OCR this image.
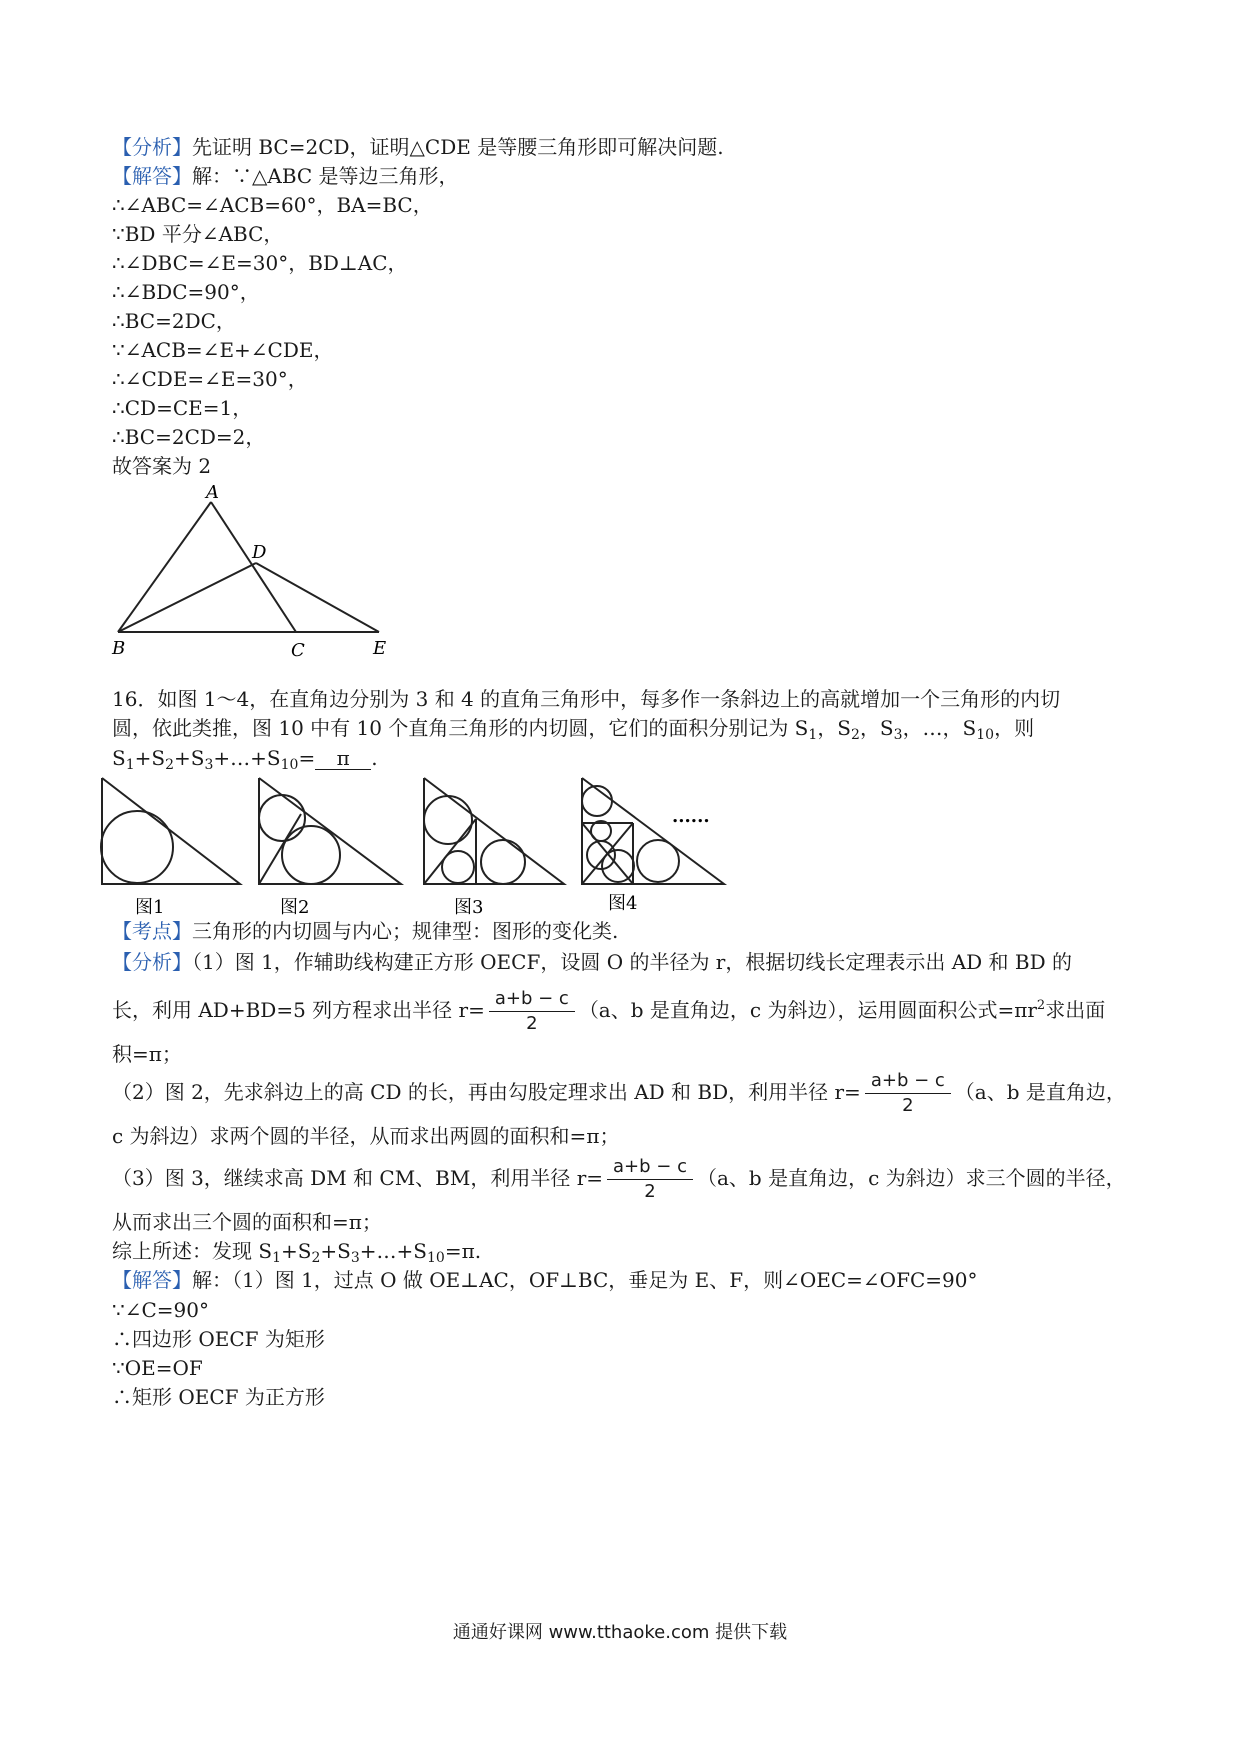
【分析】先证明 BC=2CD，证明△CDE 是等腰三角形即可解决问题.
【解答】解：∵△ABC 是等边三角形，
∴∠ABC=∠ACB=60°，BA=BC，
∵BD 平分∠ABC，
∴∠DBC=∠E=30°，BD⊥AC，
∴∠BDC=90°，
∴BC=2DC，
∵∠ACB=∠E+∠CDE，
∴∠CDE=∠E=30°，
∴CD=CE=1，
∴BC=2CD=2，
故答案为 2
A
D
B	C	E
16．如图 1～4，在直角边分别为 3 和 4 的直角三角形中，每多作一条斜边上的高就增加一个三角形的内切
圆，依此类推，图 10 中有 10 个直角三角形的内切圆，它们的面积分别记为 $S_1$，$S_2$，$S_3$，…，$S_{10}$，则
$S_1+S_2+S_3+\dots+S_{10}= \pi$ .
......
图1	图2	图3	图4
【考点】三角形的内切圆与内心；规律型：图形的变化类.
【分析】（1）图 1，作辅助线构建正方形 OECF，设圆 O 的半径为 r，根据切线长定理表示出 AD 和 BD 的
长，利用 AD+BD=5 列方程求出半径 $r= \frac{a+b - c}{2} (a$、b 是直角边，c 为斜边），运用圆面积公式$=\pi r^2$求出面
积=π；
（2）图 2，先求斜边上的高 CD 的长，再由勾股定理求出 AD 和 BD，利用半径 $r= \frac{a+b - c}{2} (a$、b 是直角边，
c 为斜边）求两个圆的半径，从而求出两圆的面积和=π；
（3）图 3，继续求高 DM 和 CM、BM，利用半径 $r= \frac{a+b - c}{2} (a$、b 是直角边，c 为斜边）求三个圆的半径，
从而求出三个圆的面积和=π；
综上所述：发现 $S_1+S_2+S_3+\dots+S_{10}=\pi$.
【解答】解：（1）图 1，过点 O 做 OE⊥AC，OF⊥BC，垂足为 E、F，则∠OEC=∠OFC=90°
∵∠C=90°
∴四边形 OECF 为矩形
∵OE=OF
∴矩形 OECF 为正方形
通通好课网 www.tthaoke.com 提供下载
